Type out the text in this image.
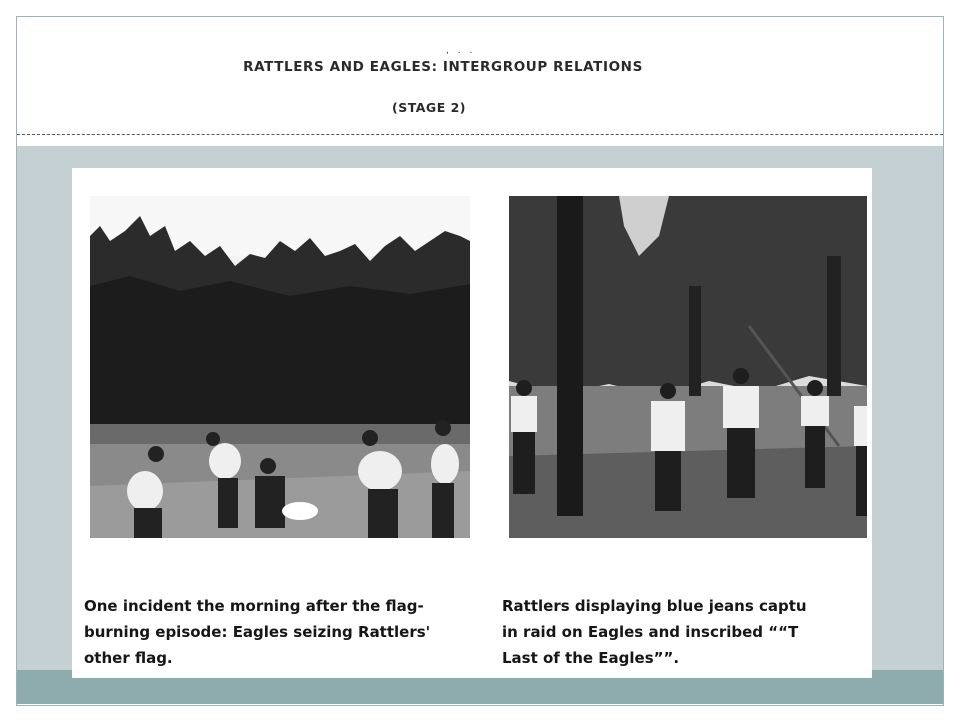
, . .
RATTLERS AND EAGLES: INTERGROUP RELATIONS
(STAGE 2)
One incident the morning after the flag-
burning episode: Eagles seizing Rattlers'
other flag.
Rattlers displaying blue jeans captu
in raid on Eagles and inscribed ““T
Last of the Eagles””.
